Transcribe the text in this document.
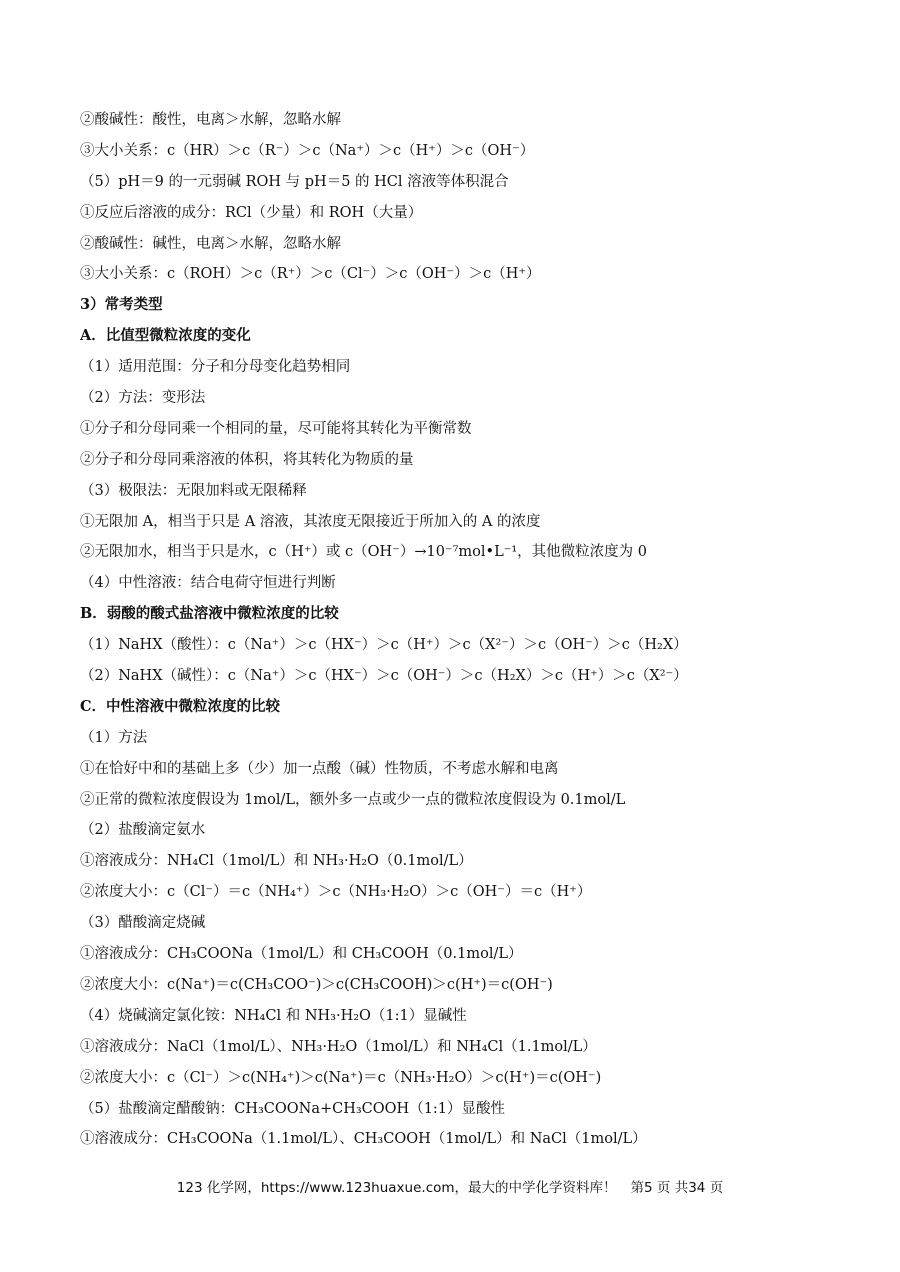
②酸碱性：酸性，电离＞水解，忽略水解
③大小关系：c（HR）＞c（R⁻）＞c（Na⁺）＞c（H⁺）＞c（OH⁻）
（5）pH＝9 的一元弱碱 ROH 与 pH＝5 的 HCl 溶液等体积混合
①反应后溶液的成分：RCl（少量）和 ROH（大量）
②酸碱性：碱性，电离＞水解，忽略水解
③大小关系：c（ROH）＞c（R⁺）＞c（Cl⁻）＞c（OH⁻）＞c（H⁺）
3）常考类型
A．比值型微粒浓度的变化
（1）适用范围：分子和分母变化趋势相同
（2）方法：变形法
①分子和分母同乘一个相同的量，尽可能将其转化为平衡常数
②分子和分母同乘溶液的体积，将其转化为物质的量
（3）极限法：无限加料或无限稀释
①无限加 A，相当于只是 A 溶液，其浓度无限接近于所加入的 A 的浓度
②无限加水，相当于只是水，c（H⁺）或 c（OH⁻）→10⁻⁷mol•L⁻¹，其他微粒浓度为 0
（4）中性溶液：结合电荷守恒进行判断
B．弱酸的酸式盐溶液中微粒浓度的比较
（1）NaHX（酸性）：c（Na⁺）＞c（HX⁻）＞c（H⁺）＞c（X²⁻）＞c（OH⁻）＞c（H₂X）
（2）NaHX（碱性）：c（Na⁺）＞c（HX⁻）＞c（OH⁻）＞c（H₂X）＞c（H⁺）＞c（X²⁻）
C．中性溶液中微粒浓度的比较
（1）方法
①在恰好中和的基础上多（少）加一点酸（碱）性物质，不考虑水解和电离
②正常的微粒浓度假设为 1mol/L，额外多一点或少一点的微粒浓度假设为 0.1mol/L
（2）盐酸滴定氨水
①溶液成分：NH₄Cl（1mol/L）和 NH₃·H₂O（0.1mol/L）
②浓度大小：c（Cl⁻）＝c（NH₄⁺）＞c（NH₃·H₂O）＞c（OH⁻）＝c（H⁺）
（3）醋酸滴定烧碱
①溶液成分：CH₃COONa（1mol/L）和 CH₃COOH（0.1mol/L）
②浓度大小：c(Na⁺)＝c(CH₃COO⁻)＞c(CH₃COOH)＞c(H⁺)＝c(OH⁻)
（4）烧碱滴定氯化铵：NH₄Cl 和 NH₃·H₂O（1:1）显碱性
①溶液成分：NaCl（1mol/L）、NH₃·H₂O（1mol/L）和 NH₄Cl（1.1mol/L）
②浓度大小：c（Cl⁻）＞c(NH₄⁺)＞c(Na⁺)＝c（NH₃·H₂O）＞c(H⁺)＝c(OH⁻)
（5）盐酸滴定醋酸钠：CH₃COONa+CH₃COOH（1:1）显酸性
①溶液成分：CH₃COONa（1.1mol/L）、CH₃COOH（1mol/L）和 NaCl（1mol/L）
123 化学网，https://www.123huaxue.com，最大的中学化学资料库！ 第5 页 共34 页
